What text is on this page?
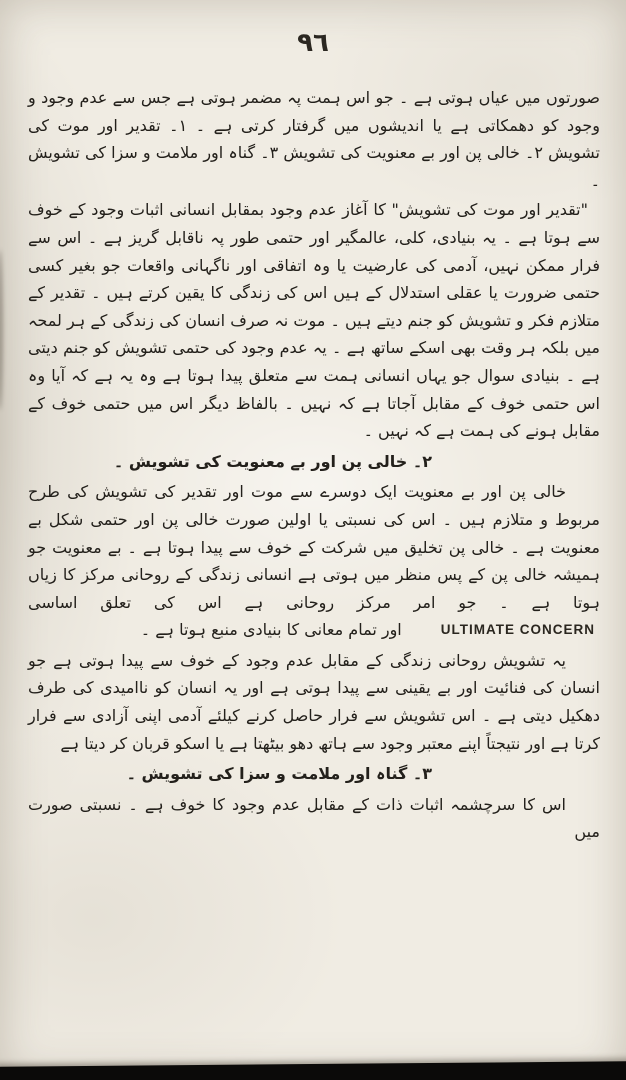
٩٦

صورتوں میں عیاں ہوتی ہے ۔ جو اس ہمت پہ مضمر ہوتی ہے جس سے عدم وجود و وجود کو دھمکاتی ہے یا اندیشوں میں گرفتار کرتی ہے ۔ ۱۔ تقدیر اور موت کی تشویش ۲۔ خالی پن اور بے معنویت کی تشویش ۳۔ گناہ اور ملامت و سزا کی تشویش ۔

"تقدیر اور موت کی تشویش" کا آغاز عدم وجود بمقابل انسانی اثبات وجود کے خوف سے ہوتا ہے ۔ یہ بنیادی، کلی، عالمگیر اور حتمی طور پہ ناقابل گریز ہے ۔ اس سے فرار ممکن نہیں، آدمی کی عارضیت یا وہ اتفاقی اور ناگہانی واقعات جو بغیر کسی حتمی ضرورت یا عقلی استدلال کے ہیں اس کی زندگی کا یقین کرتے ہیں ۔ تقدیر کے متلازم فکر و تشویش کو جنم دیتے ہیں ۔ موت نہ صرف انسان کی زندگی کے ہر لمحہ میں بلکہ ہر وقت بھی اسکے ساتھ ہے ۔ یہ عدم وجود کی حتمی تشویش کو جنم دیتی ہے ۔ بنیادی سوال جو یہاں انسانی ہمت سے متعلق پیدا ہوتا ہے وہ یہ ہے کہ آیا وہ اس حتمی خوف کے مقابل آجاتا ہے کہ نہیں ۔ بالفاظ دیگر اس میں حتمی خوف کے مقابل ہونے کی ہمت ہے کہ نہیں ۔

۲۔ خالی پن اور بے معنویت کی تشویش ۔

خالی پن اور بے معنویت ایک دوسرے سے موت اور تقدیر کی تشویش کی طرح مربوط و متلازم ہیں ۔ اس کی نسبتی یا اولین صورت خالی پن اور حتمی شکل بے معنویت ہے ۔ خالی پن تخلیق میں شرکت کے خوف سے پیدا ہوتا ہے ۔ بے معنویت جو ہمیشہ خالی پن کے پس منظر میں ہوتی ہے انسانی زندگی کے روحانی مرکز کا زیاں ہوتا ہے ۔ جو امر مرکز روحانی ہے اس کی تعلق اساسیULTIMATE CONCERNاور تمام معانی کا بنیادی منبع ہوتا ہے ۔

یہ تشویش روحانی زندگی کے مقابل عدم وجود کے خوف سے پیدا ہوتی ہے جو انسان کی فنائیت اور بے یقینی سے پیدا ہوتی ہے اور یہ انسان کو ناامیدی کی طرف دھکیل دیتی ہے ۔ اس تشویش سے فرار حاصل کرنے کیلئے آدمی اپنی آزادی سے فرار کرتا ہے اور نتیجتاً اپنے معتبر وجود سے ہاتھ دھو بیٹھتا ہے یا اسکو قربان کر دیتا ہے

۳۔ گناہ اور ملامت و سزا کی تشویش ۔

اس کا سرچشمہ اثبات ذات کے مقابل عدم وجود کا خوف ہے ۔ نسبتی صورت میں
